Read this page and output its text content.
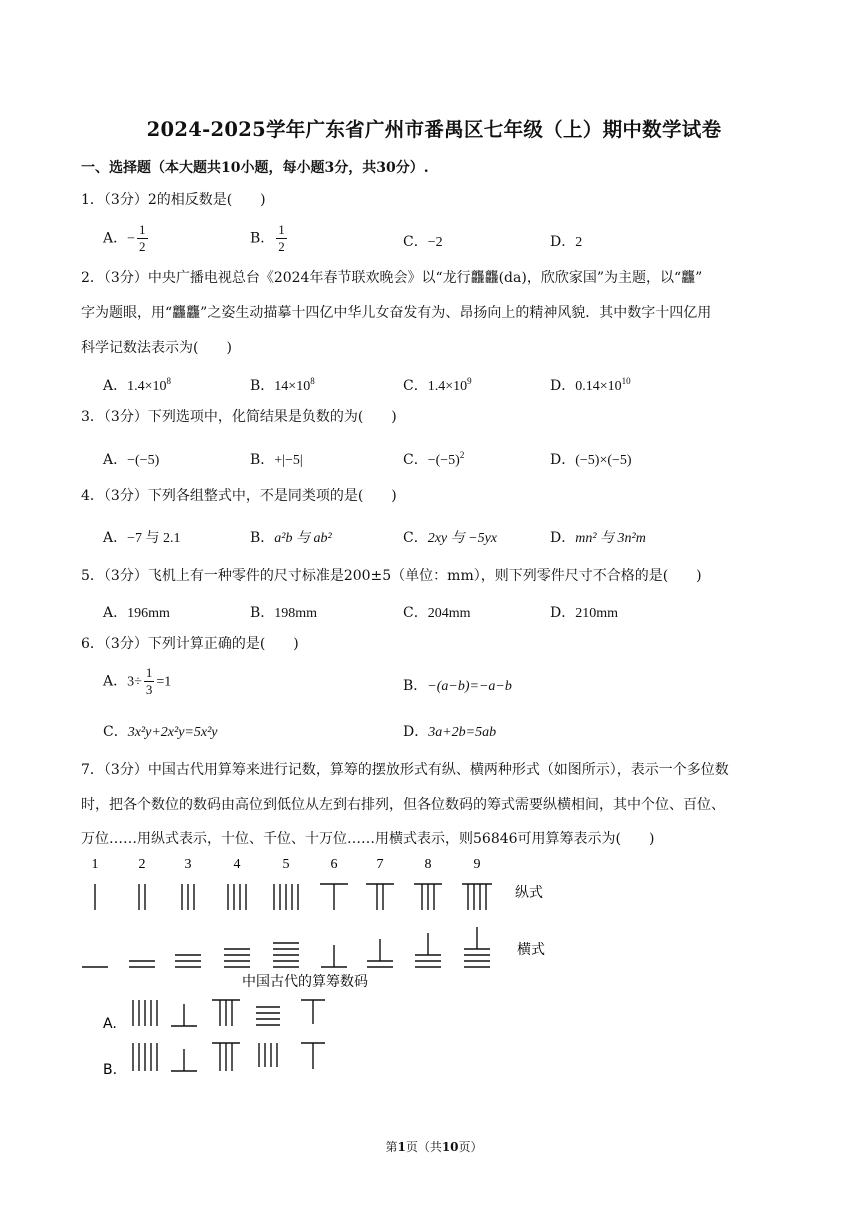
2024-2025学年广东省广州市番禺区七年级（上）期中数学试卷
一、选择题（本大题共10小题，每小题3分，共30分）.
1．（3分）2的相反数是(　　)
A．− $\frac{1}{2}$	B． $\frac{1}{2}$	C．−2	D．2
2．（3分）中央广播电视总台《2024年春节联欢晚会》以“龙行龘龘(da)，欣欣家国”为主题，以“龘”
字为题眼，用“龘龘”之姿生动描摹十四亿中华儿女奋发有为、昂扬向上的精神风貌．其中数字十四亿用
科学记数法表示为(　　)
A．$1.4\times 10^8$	B．$14\times 10^8$	C．$1.4\times 10^9$	D．$0.14\times 10^{10}$
3．（3分）下列选项中，化简结果是负数的为(　　)
A．−(−5)	B．+|−5|	C．$-(-5)^2$	D．(−5)×(−5)
4．（3分）下列各组整式中，不是同类项的是(　　)
A．−7 与 2.1	B．a²b 与 ab²	C．2xy 与 −5yx	D．mn² 与 3n²m
5．（3分）飞机上有一种零件的尺寸标准是200±5（单位：mm），则下列零件尺寸不合格的是(　　)
A．196mm	B．198mm	C．204mm	D．210mm
6．（3分）下列计算正确的是(　　)
A．$3\div \frac{1}{3} =1$	B．−(a−b)=−a−b
C．3x²y+2x²y=5x²y	D．3a+2b=5ab
7．（3分）中国古代用算筹来进行记数，算筹的摆放形式有纵、横两种形式（如图所示），表示一个多位数
时，把各个数位的数码由高位到低位从左到右排列，但各位数码的筹式需要纵横相间，其中个位、百位、
万位……用纵式表示，十位、千位、十万位……用横式表示，则56846可用算筹表示为(　　)
1	2	3	4	5	6	7	8	9
纵式
横式
中国古代的算筹数码
A.
B.
第1页（共10页）
